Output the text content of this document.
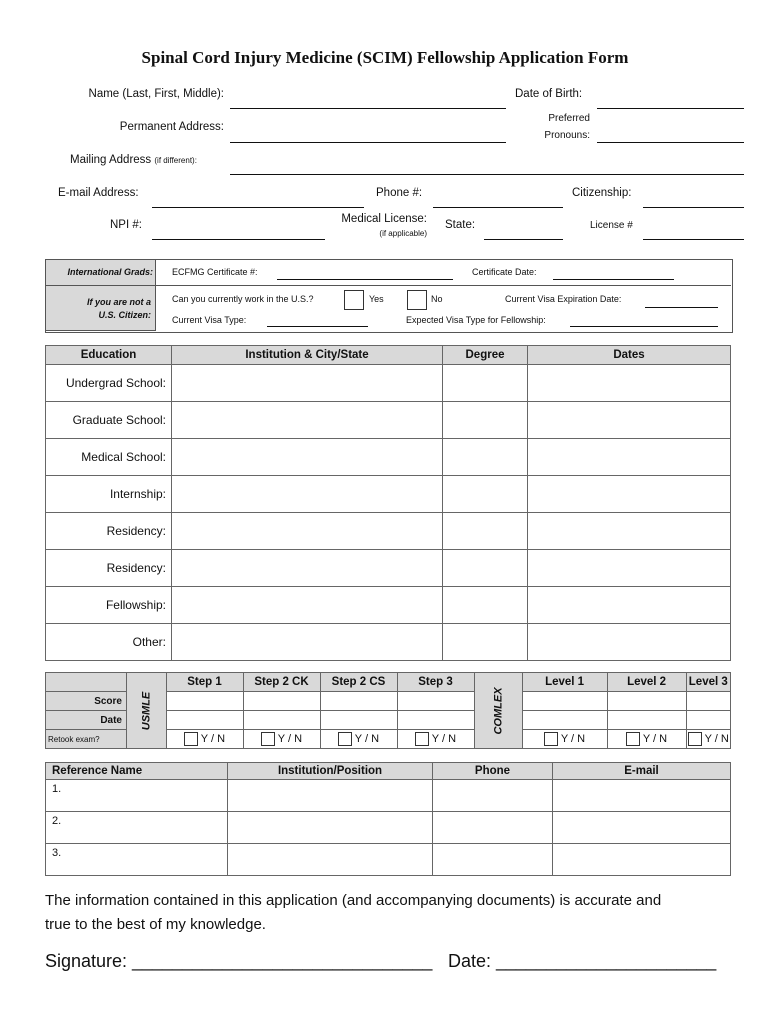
Spinal Cord Injury Medicine (SCIM) Fellowship Application Form
Name (Last, First, Middle):	Date of Birth:
Permanent Address:
Preferred
Pronouns:
Mailing Address (if different):
E-mail Address:	Phone #:	Citizenship:
NPI #:	Medical License:
(if applicable)
State:	License #
International Grads:
If you are not a
U.S. Citizen:
ECFMG Certificate #:	Certificate Date:
Can you currently work in the U.S.?	Yes	No	Current Visa Expiration Date:
Current Visa Type:	Expected Visa Type for Fellowship:
Education	Institution & City/State	Degree	Dates
Undergrad School:			
Graduate School:			
Medical School:			
Internship:			
Residency:			
Residency:			
Fellowship:			
Other:			

	USMLE	Step 1	Step 2 CK	Step 2 CS	Step 3	COMLEX	Level 1	Level 2	Level 3
Score									
Date									
Retook exam?		Y / N	Y / N	Y / N	Y / N		Y / N	Y / N	Y / N
Reference Name	Institution/Position	Phone	E-mail
1.			
2.			
3.			
The information contained in this application (and accompanying documents) is accurate and
true to the best of my knowledge.
Signature: ______________________________ Date: ______________________
